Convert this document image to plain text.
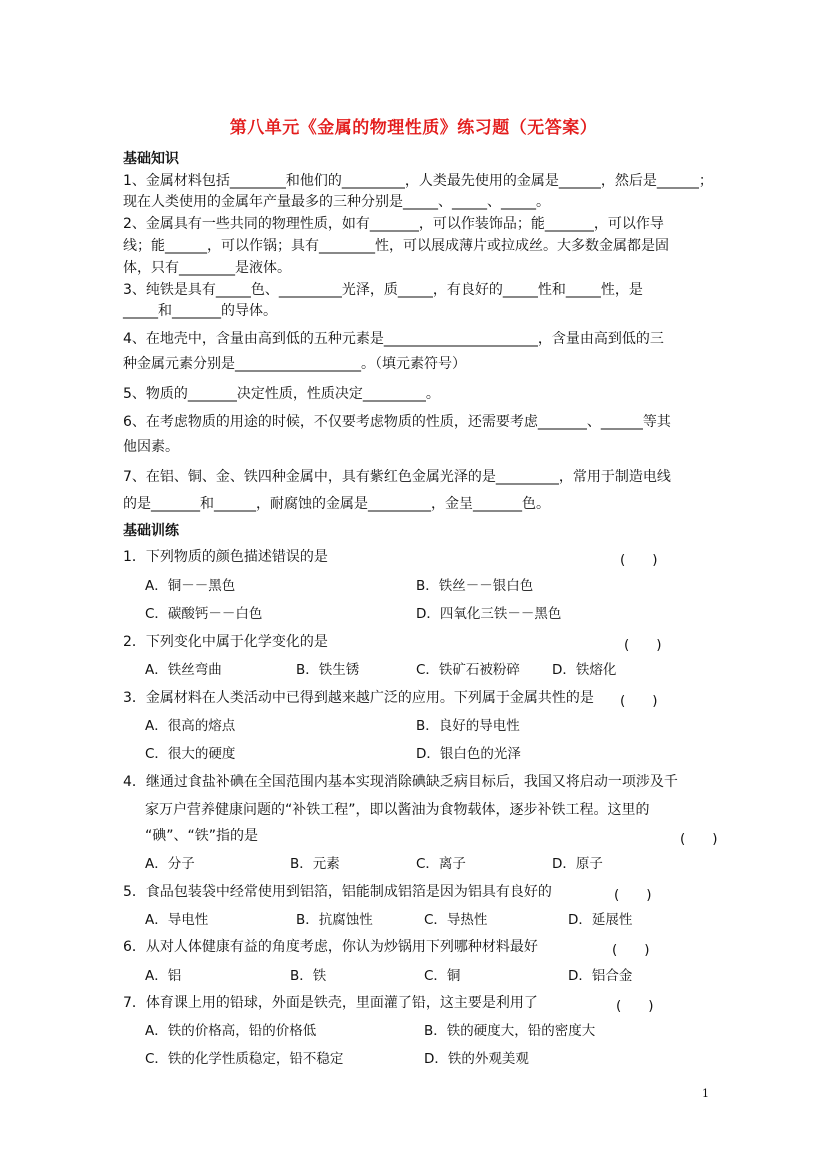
第八单元《金属的物理性质》练习题（无答案）
基础知识
1、金属材料包括________和他们的_________，人类最先使用的金属是______，然后是______；
现在人类使用的金属年产量最多的三种分别是_____、_____、_____。
2、金属具有一些共同的物理性质，如有_______，可以作装饰品；能_______，可以作导
线；能______，可以作锅；具有________性，可以展成薄片或拉成丝。大多数金属都是固
体，只有________是液体。
3、纯铁是具有_____色、_________光泽，质_____，有良好的_____性和_____性，是
_____和_______的导体。
4、在地壳中，含量由高到低的五种元素是______________________，含量由高到低的三
种金属元素分别是__________________。（填元素符号）
5、物质的_______决定性质，性质决定_________。
6、在考虑物质的用途的时候，不仅要考虑物质的性质，还需要考虑_______、______等其
他因素。
7、在铝、铜、金、铁四种金属中，具有紫红色金属光泽的是_________，常用于制造电线
的是_______和______，耐腐蚀的金属是_________，金呈_______色。
基础训练
1．下列物质的颜色描述错误的是	(　　)
A．铜－－黑色	B．铁丝－－银白色
C．碳酸钙－－白色	D．四氧化三铁－－黑色
2．下列变化中属于化学变化的是	(　　)
A．铁丝弯曲	B．铁生锈	C．铁矿石被粉碎 D．铁熔化
3．金属材料在人类活动中已得到越来越广泛的应用。下列属于金属共性的是	(　　)
A．很高的熔点	B．良好的导电性
C．很大的硬度	D．银白色的光泽
4．继通过食盐补碘在全国范围内基本实现消除碘缺乏病目标后，我国又将启动一项涉及千
家万户营养健康问题的“补铁工程”，即以酱油为食物载体，逐步补铁工程。这里的
“碘”、“铁”指的是	(　　)
A．分子	B．元素	C．离子	D．原子
5．食品包装袋中经常使用到铝箔，铝能制成铝箔是因为铝具有良好的	(　　)
A．导电性	B．抗腐蚀性	C．导热性	D．延展性
6．从对人体健康有益的角度考虑，你认为炒锅用下列哪种材料最好	(　　)
A．铝	B．铁	C．铜	D．铝合金
7．体育课上用的铅球，外面是铁壳，里面灌了铅，这主要是利用了	(　　)
A．铁的价格高，铅的价格低	B．铁的硬度大，铅的密度大
C．铁的化学性质稳定，铅不稳定	D．铁的外观美观
1
